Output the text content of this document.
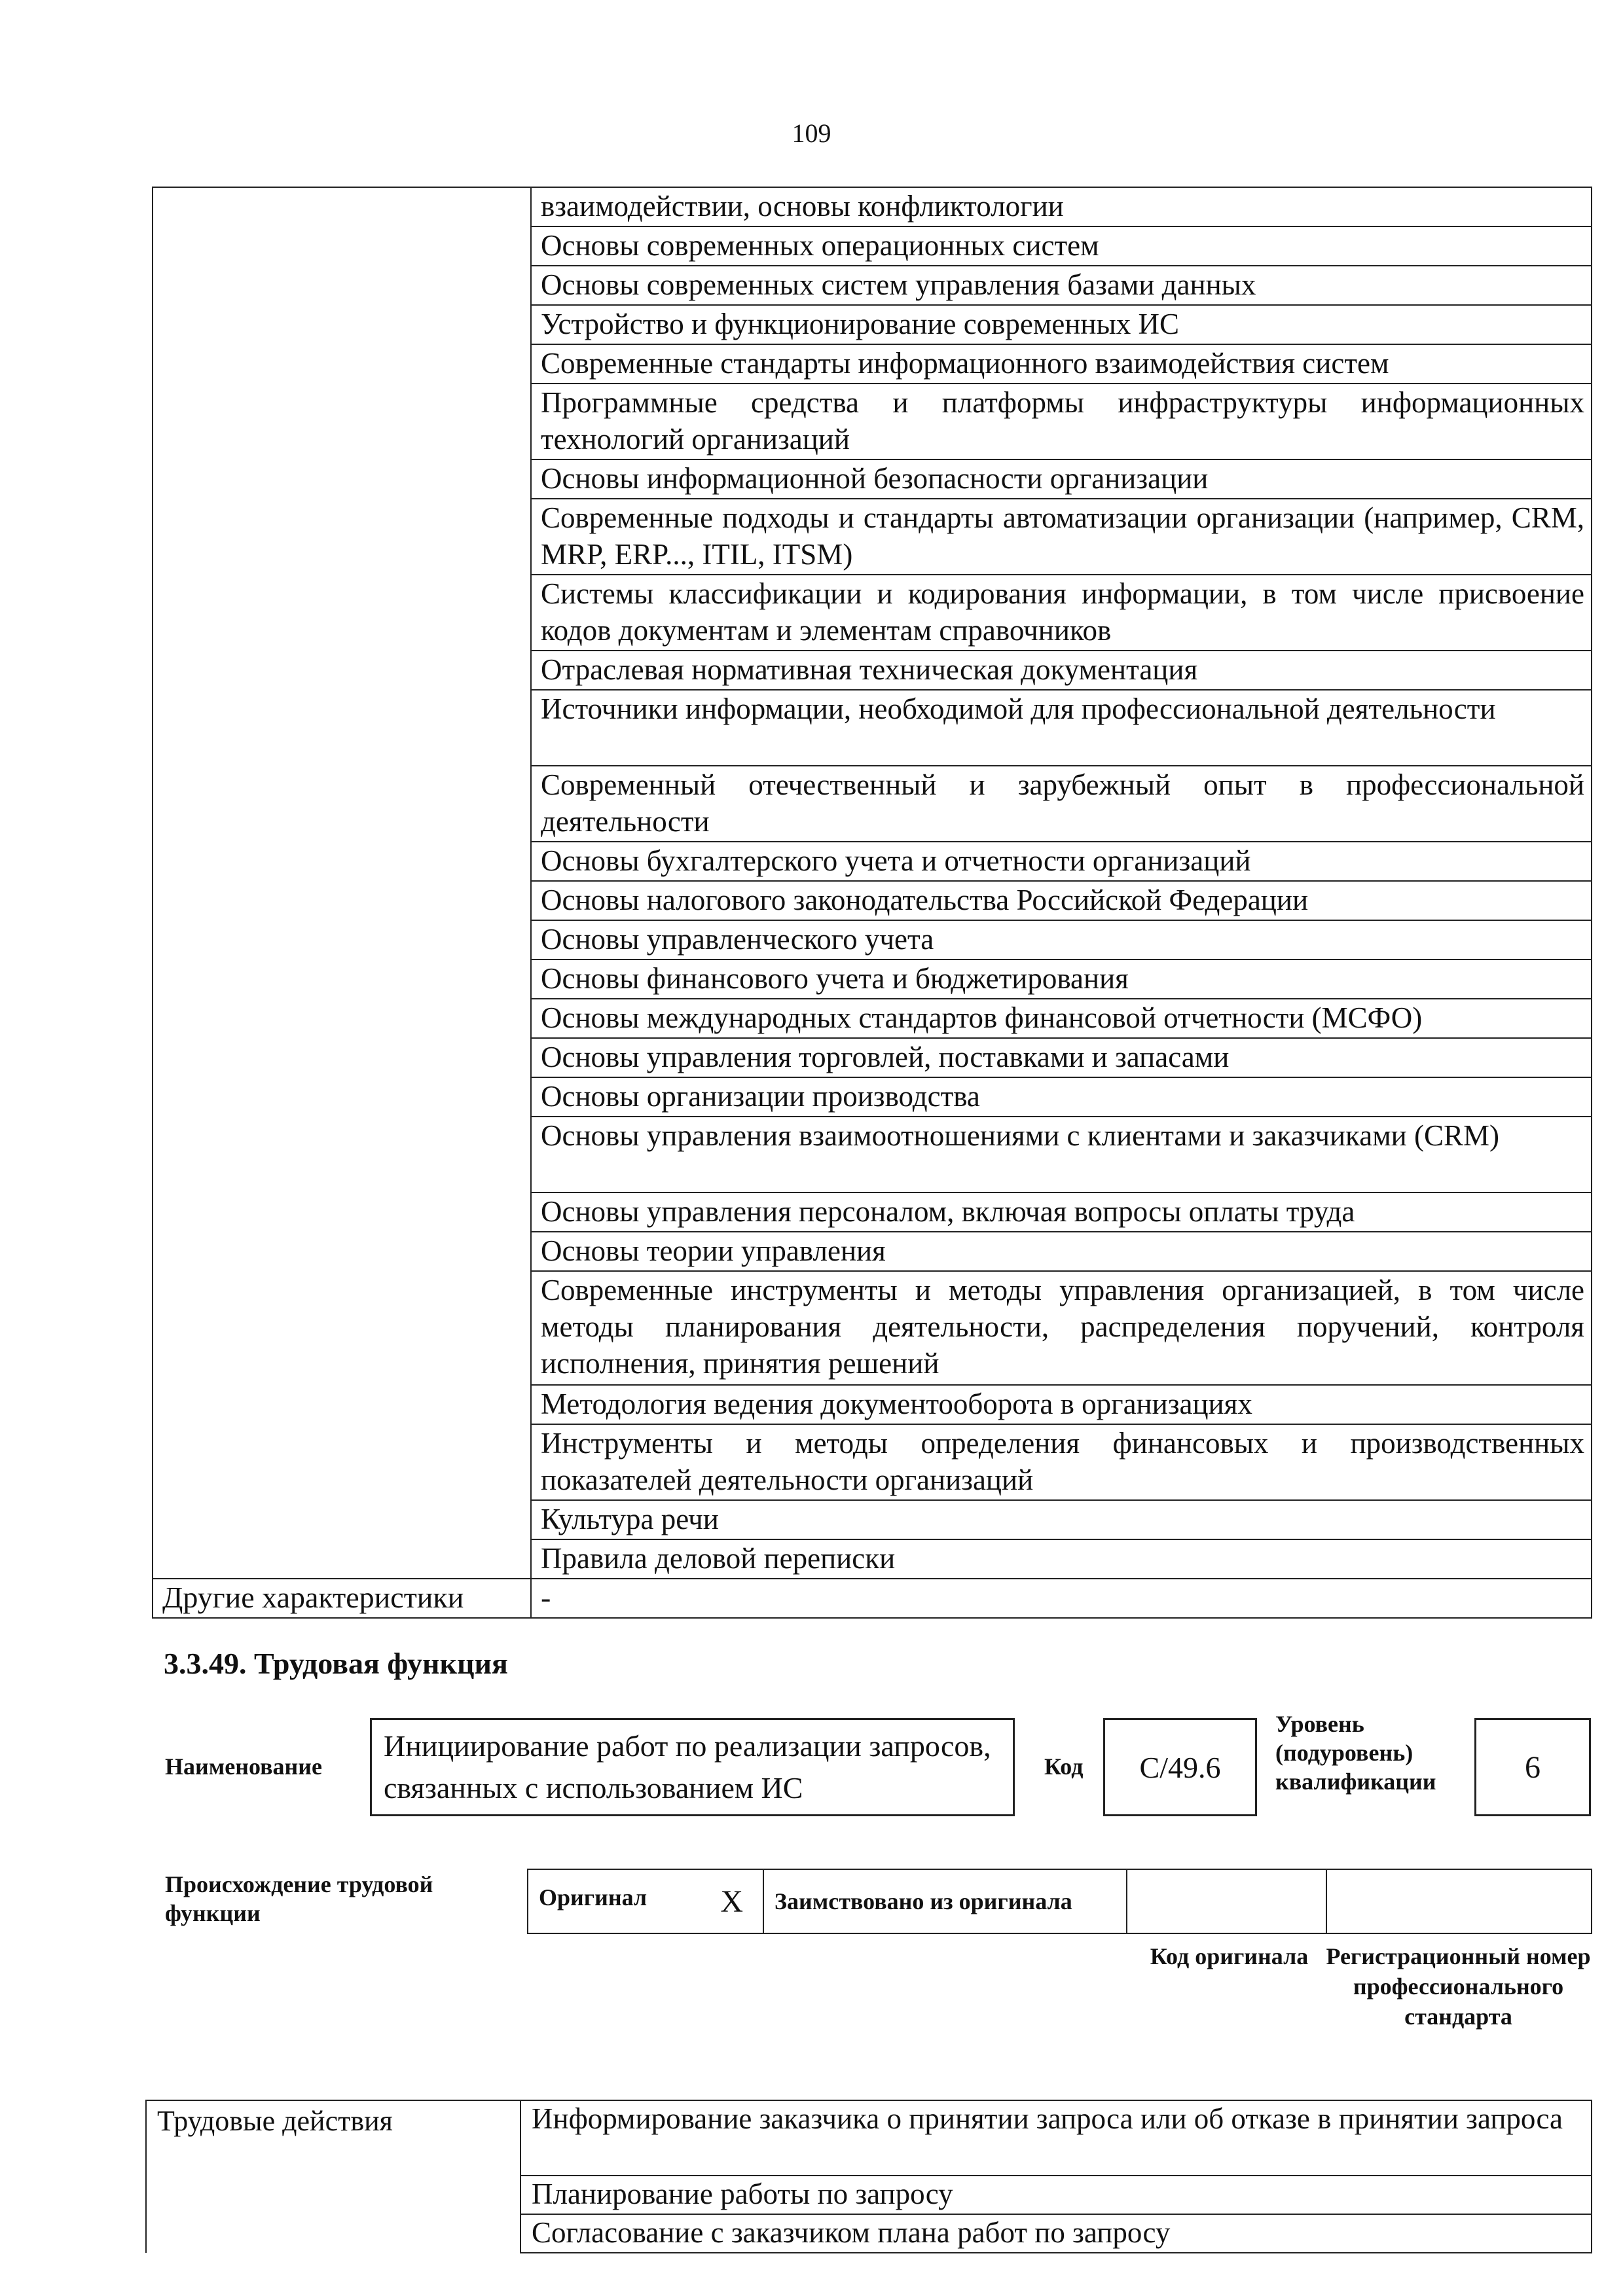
109
	взаимодействии, основы конфликтологии
	Основы современных операционных систем
	Основы современных систем управления базами данных
	Устройство и функционирование современных ИС
	Современные стандарты информационного взаимодействия систем
	Программные средства и платформы инфраструктуры информационных технологий организаций
	Основы информационной безопасности организации
	Современные подходы и стандарты автоматизации организации (например, CRM, MRP, ERP..., ITIL, ITSM)
	Системы классификации и кодирования информации, в том числе присвоение кодов документам и элементам справочников
	Отраслевая нормативная техническая документация
	Источники информации, необходимой для профессиональной деятельности
	Современный отечественный и зарубежный опыт в профессиональной деятельности
	Основы бухгалтерского учета и отчетности организаций
	Основы налогового законодательства Российской Федерации
	Основы управленческого учета
	Основы финансового учета и бюджетирования
	Основы международных стандартов финансовой отчетности (МСФО)
	Основы управления торговлей, поставками и запасами
	Основы организации производства
	Основы управления взаимоотношениями с клиентами и заказчиками (CRM)
	Основы управления персоналом, включая вопросы оплаты труда
	Основы теории управления
	Современные инструменты и методы управления организацией, в том числе методы планирования деятельности, распределения поручений, контроля исполнения, принятия решений
	Методология ведения документооборота в организациях
	Инструменты и методы определения финансовых и производственных показателей деятельности организаций
	Культура речи
	Правила деловой переписки
Другие характеристики	-
3.3.49. Трудовая функция
Наименование
Инициирование работ по реализации запросов, связанных с использованием ИС
Код C/49.6
Уровень (подуровень) квалификации	6
Происхождение трудовой функции
Оригинал X	Заимствовано из оригинала		
Код оригинала Регистрационный номер профессионального стандарта
Трудовые действия	Информирование заказчика о принятии запроса или об отказе в принятии запроса
Планирование работы по запросу
Согласование с заказчиком плана работ по запросу
